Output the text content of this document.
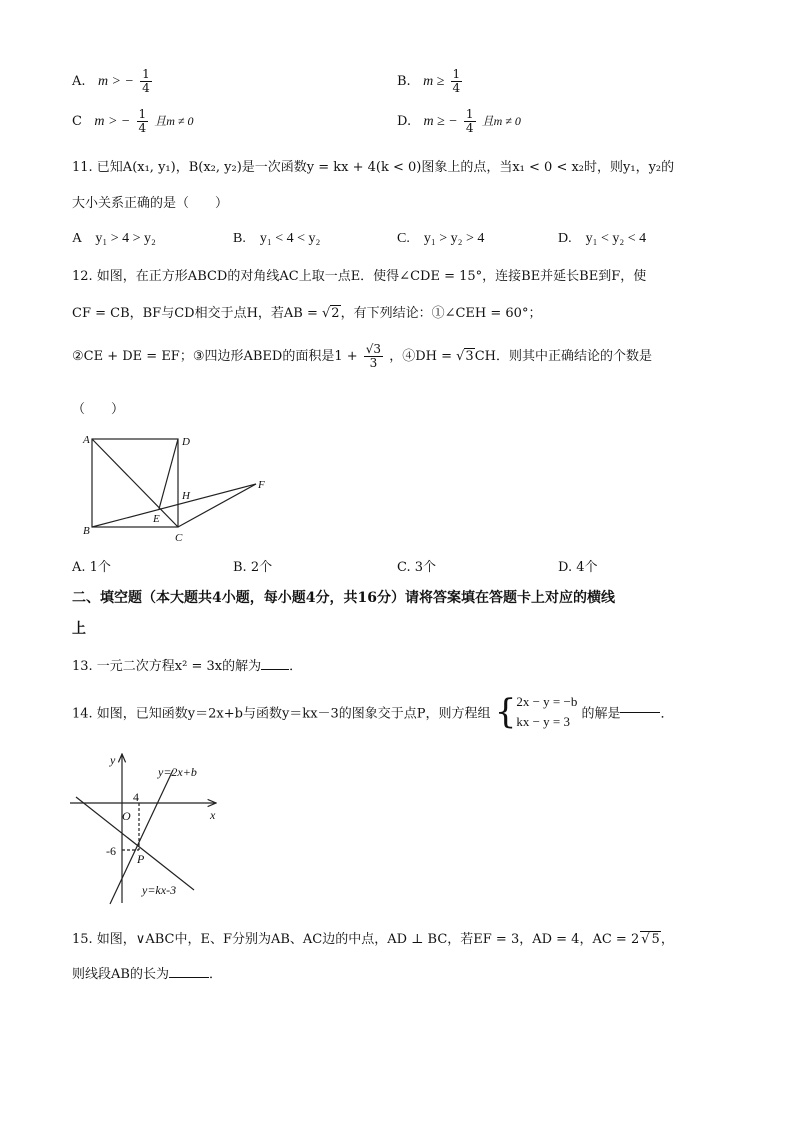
A. m > − $\frac{1}{4}$	B. $m \ge \frac{1}{4}$
C m > − $\frac{1}{4}$ 且m ≠ 0	D. m ≥ − $\frac{1}{4}$ 且m ≠ 0
11. 已知A(x₁, y₁)，B(x₂, y₂)是一次函数y = kx + 4(k < 0)图象上的点，当x₁ < 0 < x₂时，则y₁，y₂的
大小关系正确的是（　　）
A　y₁ > 4 > y₂	B.　y₁ < 4 < y₂	C.　y₁ > y₂ > 4	D.　y₁ < y₂ < 4
12. 如图，在正方形ABCD的对角线AC上取一点E．使得∠CDE = 15°，连接BE并延长BE到F，使
CF = CB，BF与CD相交于点H，若AB = √2，有下列结论：①∠CEH = 60°；
②CE + DE = EF；③四边形ABED的面积是$1 + \frac{√3}{3}$ ，④DH = √3CH．则其中正确结论的个数是
（　　）
A	D
B
C
E
H
F
A. 1个	B. 2个	C. 3个	D. 4个
二、填空题（本大题共4小题，每小题4分，共16分）请将答案填在答题卡上对应的横线
上
13. 一元二次方程x² = 3x的解为 ．
14. 如图，已知函数y＝2x+b与函数y＝kx－3的图象交于点P，则方程组 { 2x − y = −b
kx − y = 3 的解是	．
y
x
O
4
-6
P
y=2x+b
y=kx-3
15. 如图，∨ABC中，E、F分别为AB、AC边的中点，AD ⊥ BC，若EF = 3，AD = 4，AC = 2 √ 5，
则线段AB的长为	．
